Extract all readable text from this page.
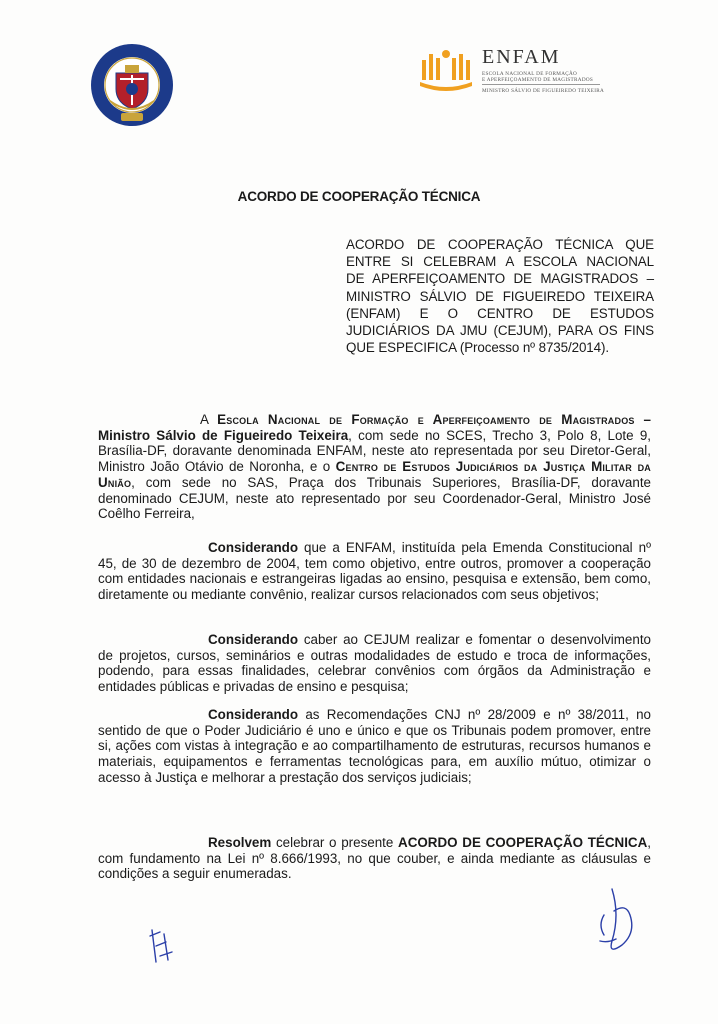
ENFAM
ESCOLA NACIONAL DE FORMAÇÃO
E APERFEIÇOAMENTO DE MAGISTRADOS
MINISTRO SÁLVIO DE FIGUEIREDO TEIXEIRA
ACORDO DE COOPERAÇÃO TÉCNICA
ACORDO DE COOPERAÇÃO TÉCNICA QUE
ENTRE SI CELEBRAM A ESCOLA NACIONAL
DE APERFEIÇOAMENTO DE MAGISTRADOS –
MINISTRO SÁLVIO DE FIGUEIREDO TEIXEIRA
(ENFAM) E O CENTRO DE ESTUDOS
JUDICIÁRIOS DA JMU (CEJUM), PARA OS FINS
QUE ESPECIFICA (Processo nº 8735/2014).
A Escola Nacional de Formação e Aperfeiçoamento de Magistrados – Ministro Sálvio de Figueiredo Teixeira, com sede no SCES, Trecho 3, Polo 8, Lote 9, Brasília-DF, doravante denominada ENFAM, neste ato representada por seu Diretor-Geral, Ministro João Otávio de Noronha, e o Centro de Estudos Judiciários da Justiça Militar da União, com sede no SAS, Praça dos Tribunais Superiores, Brasília-DF, doravante denominado CEJUM, neste ato representado por seu Coordenador-Geral, Ministro José Coêlho Ferreira,
Considerando que a ENFAM, instituída pela Emenda Constitucional nº 45, de 30 de dezembro de 2004, tem como objetivo, entre outros, promover a cooperação com entidades nacionais e estrangeiras ligadas ao ensino, pesquisa e extensão, bem como, diretamente ou mediante convênio, realizar cursos relacionados com seus objetivos;
Considerando caber ao CEJUM realizar e fomentar o desenvolvimento de projetos, cursos, seminários e outras modalidades de estudo e troca de informações, podendo, para essas finalidades, celebrar convênios com órgãos da Administração e entidades públicas e privadas de ensino e pesquisa;
Considerando as Recomendações CNJ nº 28/2009 e nº 38/2011, no sentido de que o Poder Judiciário é uno e único e que os Tribunais podem promover, entre si, ações com vistas à integração e ao compartilhamento de estruturas, recursos humanos e materiais, equipamentos e ferramentas tecnológicas para, em auxílio mútuo, otimizar o acesso à Justiça e melhorar a prestação dos serviços judiciais;
Resolvem celebrar o presente ACORDO DE COOPERAÇÃO TÉCNICA, com fundamento na Lei nº 8.666/1993, no que couber, e ainda mediante as cláusulas e condições a seguir enumeradas.
